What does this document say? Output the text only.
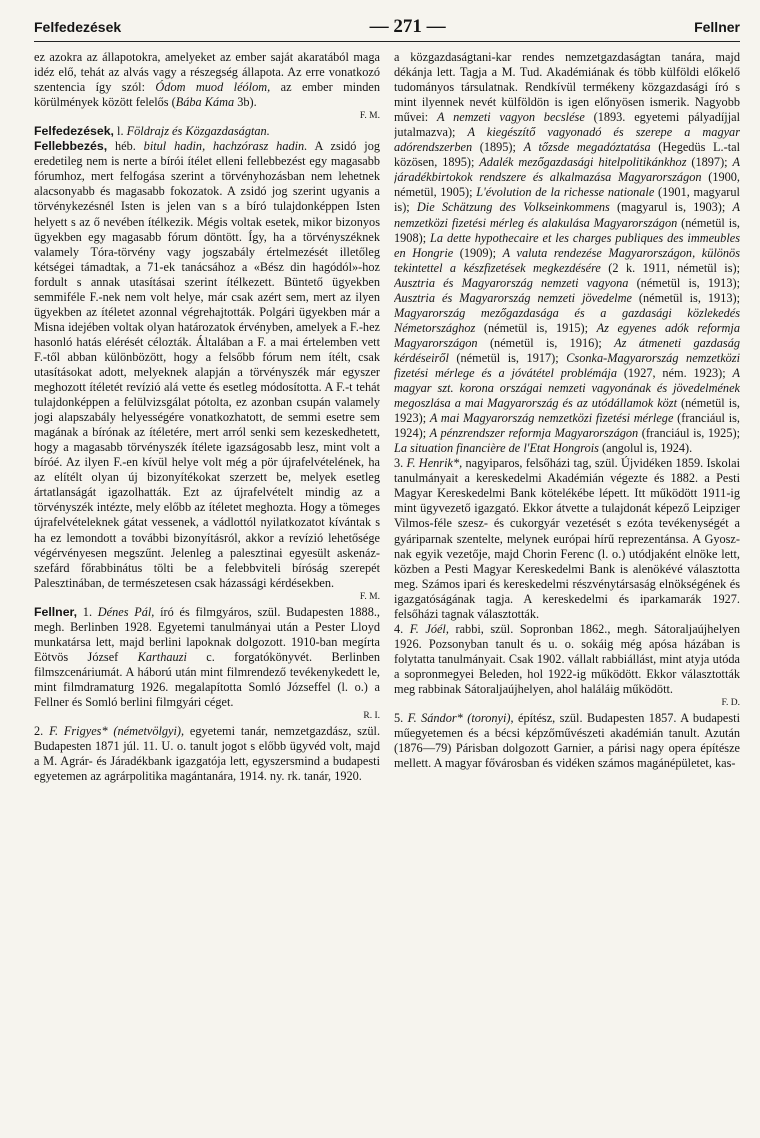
Felfedezések	— 271 —	Fellner

ez azokra az állapotokra, amelyeket az ember saját akaratából maga idéz elő, tehát az alvás vagy a részegség állapota. Az erre vonatkozó szentencia így szól: Ódom muod léólom, az ember minden körülmények között felelős (Bába Káma 3b).
F. M.

Felfedezések, l. Földrajz és Közgazdaságtan.

Fellebbezés, héb. bitul hadin, hachzórasz hadin. A zsidó jog eredetileg nem is nerte a bírói ítélet elleni fellebbezést egy magasabb fórumhoz, mert felfogása szerint a törvényhozásban nem lehetnek alacsonyabb és magasabb fokozatok. A zsidó jog szerint ugyanis a törvénykezésnél Isten is jelen van s a bíró tulajdonképpen Isten helyett s az ő nevében ítélkezik. Mégis voltak esetek, mikor bizonyos ügyekben egy magasabb fórum döntött. Így, ha a törvényszéknek valamely Tóra-törvény vagy jogszabály értelmezését illetőleg kétségei támadtak, a 71-ek tanácsához a «Bész din hagódól»-hoz fordult s annak utasításai szerint ítélkezett. Büntető ügyekben semmiféle F.-nek nem volt helye, már csak azért sem, mert az ilyen ügyekben az ítéletet azonnal végrehajtották. Polgári ügyekben már a Misna idejében voltak olyan határozatok érvényben, amelyek a F.-hez hasonló hatás elérését célozták. Általában a F. a mai értelemben vett F.-től abban különbözött, hogy a felsőbb fórum nem ítélt, csak utasításokat adott, melyeknek alapján a törvényszék már egyszer meghozott ítéletét revízió alá vette és esetleg módosította. A F.-t tehát tulajdonképpen a felülvizsgálat pótolta, ez azonban csupán valamely jogi alapszabály helyességére vonatkozhatott, de semmi esetre sem magának a bírónak az ítéletére, mert arról senki sem kezeskedhetett, hogy a magasabb törvényszék ítélete igazságosabb lesz, mint volt a bíróé. Az ilyen F.-en kívül helye volt még a pör újrafelvételének, ha az elítélt olyan új bizonyítékokat szerzett be, melyek esetleg ártatlanságát igazolhatták. Ezt az újrafelvételt mindig az a törvényszék intézte, mely előbb az ítéletet meghozta. Hogy a tömeges újrafelvételeknek gátat vessenek, a vádlottól nyilatkozatot kívántak s ha ez lemondott a további bizonyításról, akkor a revízió lehetősége végérvényesen megszűnt. Jelenleg a palesztinai egyesült askenáz-szefárd főrabbinátus tölti be a felebbviteli bíróság szerepét Palesztinában, de természetesen csak házassági kérdésekben.
F. M.

Fellner, 1. Dénes Pál, író és filmgyáros, szül. Budapesten 1888., megh. Berlinben 1928. Egyetemi tanulmányai után a Pester Lloyd munkatársa lett, majd berlini lapoknak dolgozott. 1910-ban megírta Eötvös József Karthauzi c. forgatókönyvét. Berlinben filmszcenáriumát. A háború után mint filmrendező tevékenykedett le, mint filmdramaturg 1926. megalapította Somló Józseffel (l. o.) a Fellner és Somló berlini filmgyári céget.
R. I.

2. F. Frigyes* (németvölgyi), egyetemi tanár, nemzetgazdász, szül. Budapesten 1871 júl. 11. U. o. tanult jogot s előbb ügyvéd volt, majd a M. Agrár- és Járadékbank igazgatója lett, egyszersmind a budapesti egyetemen az agrárpolitika magántanára, 1914. ny. rk. tanár, 1920.

a közgazdaságtani-kar rendes nemzetgazdaságtan tanára, majd dékánja lett. Tagja a M. Tud. Akadémiának és több külföldi előkelő tudományos társulatnak. Rendkívül termékeny közgazdasági író s mint ilyennek nevét külföldön is igen előnyösen ismerik. Nagyobb művei: A nemzeti vagyon becslése (1893. egyetemi pályadíjjal jutalmazva); A kiegészítő vagyonadó és szerepe a magyar adórendszerben (1895); A tőzsde megadóztatása (Hegedüs L.-tal közösen, 1895); Adalék mezőgazdasági hitelpolitikánkhoz (1897); A járadékbirtokok rendszere és alkalmazása Magyarországon (1900, németül, 1905); L'évolution de la richesse nationale (1901, magyarul is); Die Schätzung des Volkseinkommens (magyarul is, 1903); A nemzetközi fizetési mérleg és alakulása Magyarországon (németül is, 1908); La dette hypothecaire et les charges publiques des immeubles en Hongrie (1909); A valuta rendezése Magyarországon, különös tekintettel a készfizetések megkezdésére (2 k. 1911, németül is); Ausztria és Magyarország nemzeti vagyona (németül is, 1913); Ausztria és Magyarország nemzeti jövedelme (németül is, 1913); Magyarország mezőgazdasága és a gazdasági közlekedés Németországhoz (németül is, 1915); Az egyenes adók reformja Magyarországon (németül is, 1916); Az átmeneti gazdaság kérdéseiről (németül is, 1917); Csonka-Magyarország nemzetközi fizetési mérlege és a jóvátétel problémája (1927, ném. 1923); A magyar szt. korona országai nemzeti vagyonának és jövedelmének megoszlása a mai Magyarország és az utódállamok közt (németül is, 1923); A mai Magyarország nemzetközi fizetési mérlege (franciául is, 1924); A pénzrendszer reformja Magyarországon (franciául is, 1925); La situation financière de l'Etat Hongrois (angolul is, 1924).

3. F. Henrik*, nagyiparos, felsőházi tag, szül. Újvidéken 1859. Iskolai tanulmányait a kereskedelmi Akadémián végezte és 1882. a Pesti Magyar Kereskedelmi Bank kötelékébe lépett. Itt működött 1911-ig mint ügyvezető igazgató. Ekkor átvette a tulajdonát képező Leipziger Vilmos-féle szesz- és cukorgyár vezetését s ezóta tevékenységét a gyáriparnak szentelte, melynek európai hírű reprezentánsa. A Gyosz-nak egyik vezetője, majd Chorin Ferenc (l. o.) utódjaként elnöke lett, közben a Pesti Magyar Kereskedelmi Bank is alenökévé választotta meg. Számos ipari és kereskedelmi részvénytársaság elnökségének és igazgatóságának tagja. A kereskedelmi és iparkamarák 1927. felsőházi tagnak választották.

4. F. Jóél, rabbi, szül. Sopronban 1862., megh. Sátoraljaújhelyen 1926. Pozsonyban tanult és u. o. sokáig még apósa házában is folytatta tanulmányait. Csak 1902. vállalt rabbiállást, mint atyja utóda a sopronmegyei Beleden, hol 1922-ig működött. Ekkor választották meg rabbinak Sátoraljaújhelyen, ahol haláláig működött.
F. D.

5. F. Sándor* (toronyi), építész, szül. Budapesten 1857. A budapesti műegyetemen és a bécsi képzőművészeti akadémián tanult. Azután (1876—79) Párisban dolgozott Garnier, a párisi nagy opera építésze mellett. A magyar fővárosban és vidéken számos magánépületet, kas-
